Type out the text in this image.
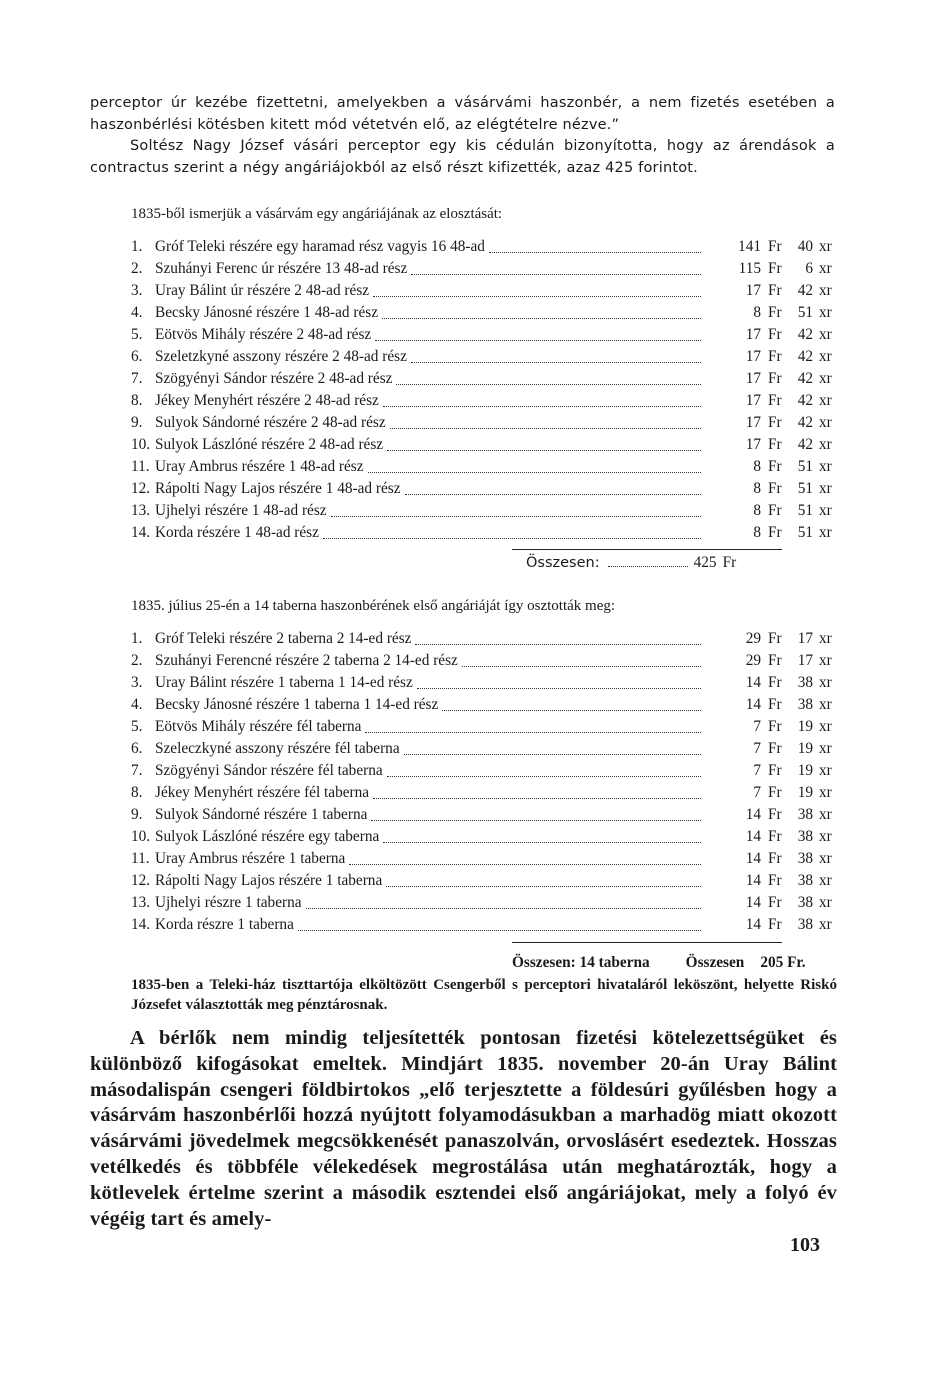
perceptor úr kezébe fizettetni, amelyekben a vásárvámi haszonbér, a nem fizetés esetében a haszonbérlési kötésben kitett mód vétetvén elő, az elégtételre nézve.”

Soltész Nagy József vásári perceptor egy kis cédulán bizonyította, hogy az árendások a contractus szerint a négy angáriájokból az első részt kifizették, azaz 425 forintot.

1835-ből ismerjük a vásárvám egy angáriájának az elosztását:
1. Gróf Teleki részére egy haramad rész vagyis 16 48-ad	141 Fr	40 xr
2. Szuhányi Ferenc úr részére 13 48-ad rész	115 Fr	6 xr
3. Uray Bálint úr részére 2 48-ad rész	17 Fr	42 xr
4. Becsky Jánosné részére 1 48-ad rész	8 Fr	51 xr
5. Eötvös Mihály részére 2 48-ad rész	17 Fr	42 xr
6. Szeletzkyné asszony részére 2 48-ad rész	17 Fr	42 xr
7. Szögyényi Sándor részére 2 48-ad rész	17 Fr	42 xr
8. Jékey Menyhért részére 2 48-ad rész	17 Fr	42 xr
9. Sulyok Sándorné részére 2 48-ad rész	17 Fr	42 xr
10. Sulyok Lászlóné részére 2 48-ad rész	17 Fr	42 xr
11. Uray Ambrus részére 1 48-ad rész	8 Fr	51 xr
12. Rápolti Nagy Lajos részére 1 48-ad rész	8 Fr	51 xr
13. Ujhelyi részére 1 48-ad rész	8 Fr	51 xr
14. Korda részére 1 48-ad rész	8 Fr	51 xr
Összesen:	425 Fr
1835. július 25-én a 14 taberna haszonbérének első angáriáját így osztották meg:
1. Gróf Teleki részére 2 taberna 2 14-ed rész	29 Fr	17 xr
2. Szuhányi Ferencné részére 2 taberna 2 14-ed rész	29 Fr	17 xr
3. Uray Bálint részére 1 taberna 1 14-ed rész	14 Fr	38 xr
4. Becsky Jánosné részére 1 taberna 1 14-ed rész	14 Fr	38 xr
5. Eötvös Mihály részére fél taberna	7 Fr	19 xr
6. Szeleczkyné asszony részére fél taberna	7 Fr	19 xr
7. Szögyényi Sándor részére fél taberna	7 Fr	19 xr
8. Jékey Menyhért részére fél taberna	7 Fr	19 xr
9. Sulyok Sándorné részére 1 taberna	14 Fr	38 xr
10. Sulyok Lászlóné részére egy taberna	14 Fr	38 xr
11. Uray Ambrus részére 1 taberna	14 Fr	38 xr
12. Rápolti Nagy Lajos részére 1 taberna	14 Fr	38 xr
13. Ujhelyi részre 1 taberna	14 Fr	38 xr
14. Korda részre 1 taberna	14 Fr	38 xr
Összesen: 14 taberna Összesen 205 Fr.
1835-ben a Teleki-ház tiszttartója elköltözött Csengerből s perceptori hivataláról leköszönt, helyette Riskó Józsefet választották meg pénztárosnak.

A bérlők nem mindig teljesítették pontosan fizetési kötelezettségüket és különböző kifogásokat emeltek. Mindjárt 1835. november 20-án Uray Bálint másodalispán csengeri földbirtokos „elő terjesztette a földesúri gyűlésben hogy a vásárvám haszonbérlői hozzá nyújtott folyamodásukban a marhadög miatt okozott vásárvámi jövedelmek megcsökkenését panaszolván, orvoslásért esedeztek. Hosszas vetélkedés és többféle vélekedések megrostálása után meghatározták, hogy a kötlevelek értelme szerint a második esztendei első angáriájokat, mely a folyó év végéig tart és amely-

103
